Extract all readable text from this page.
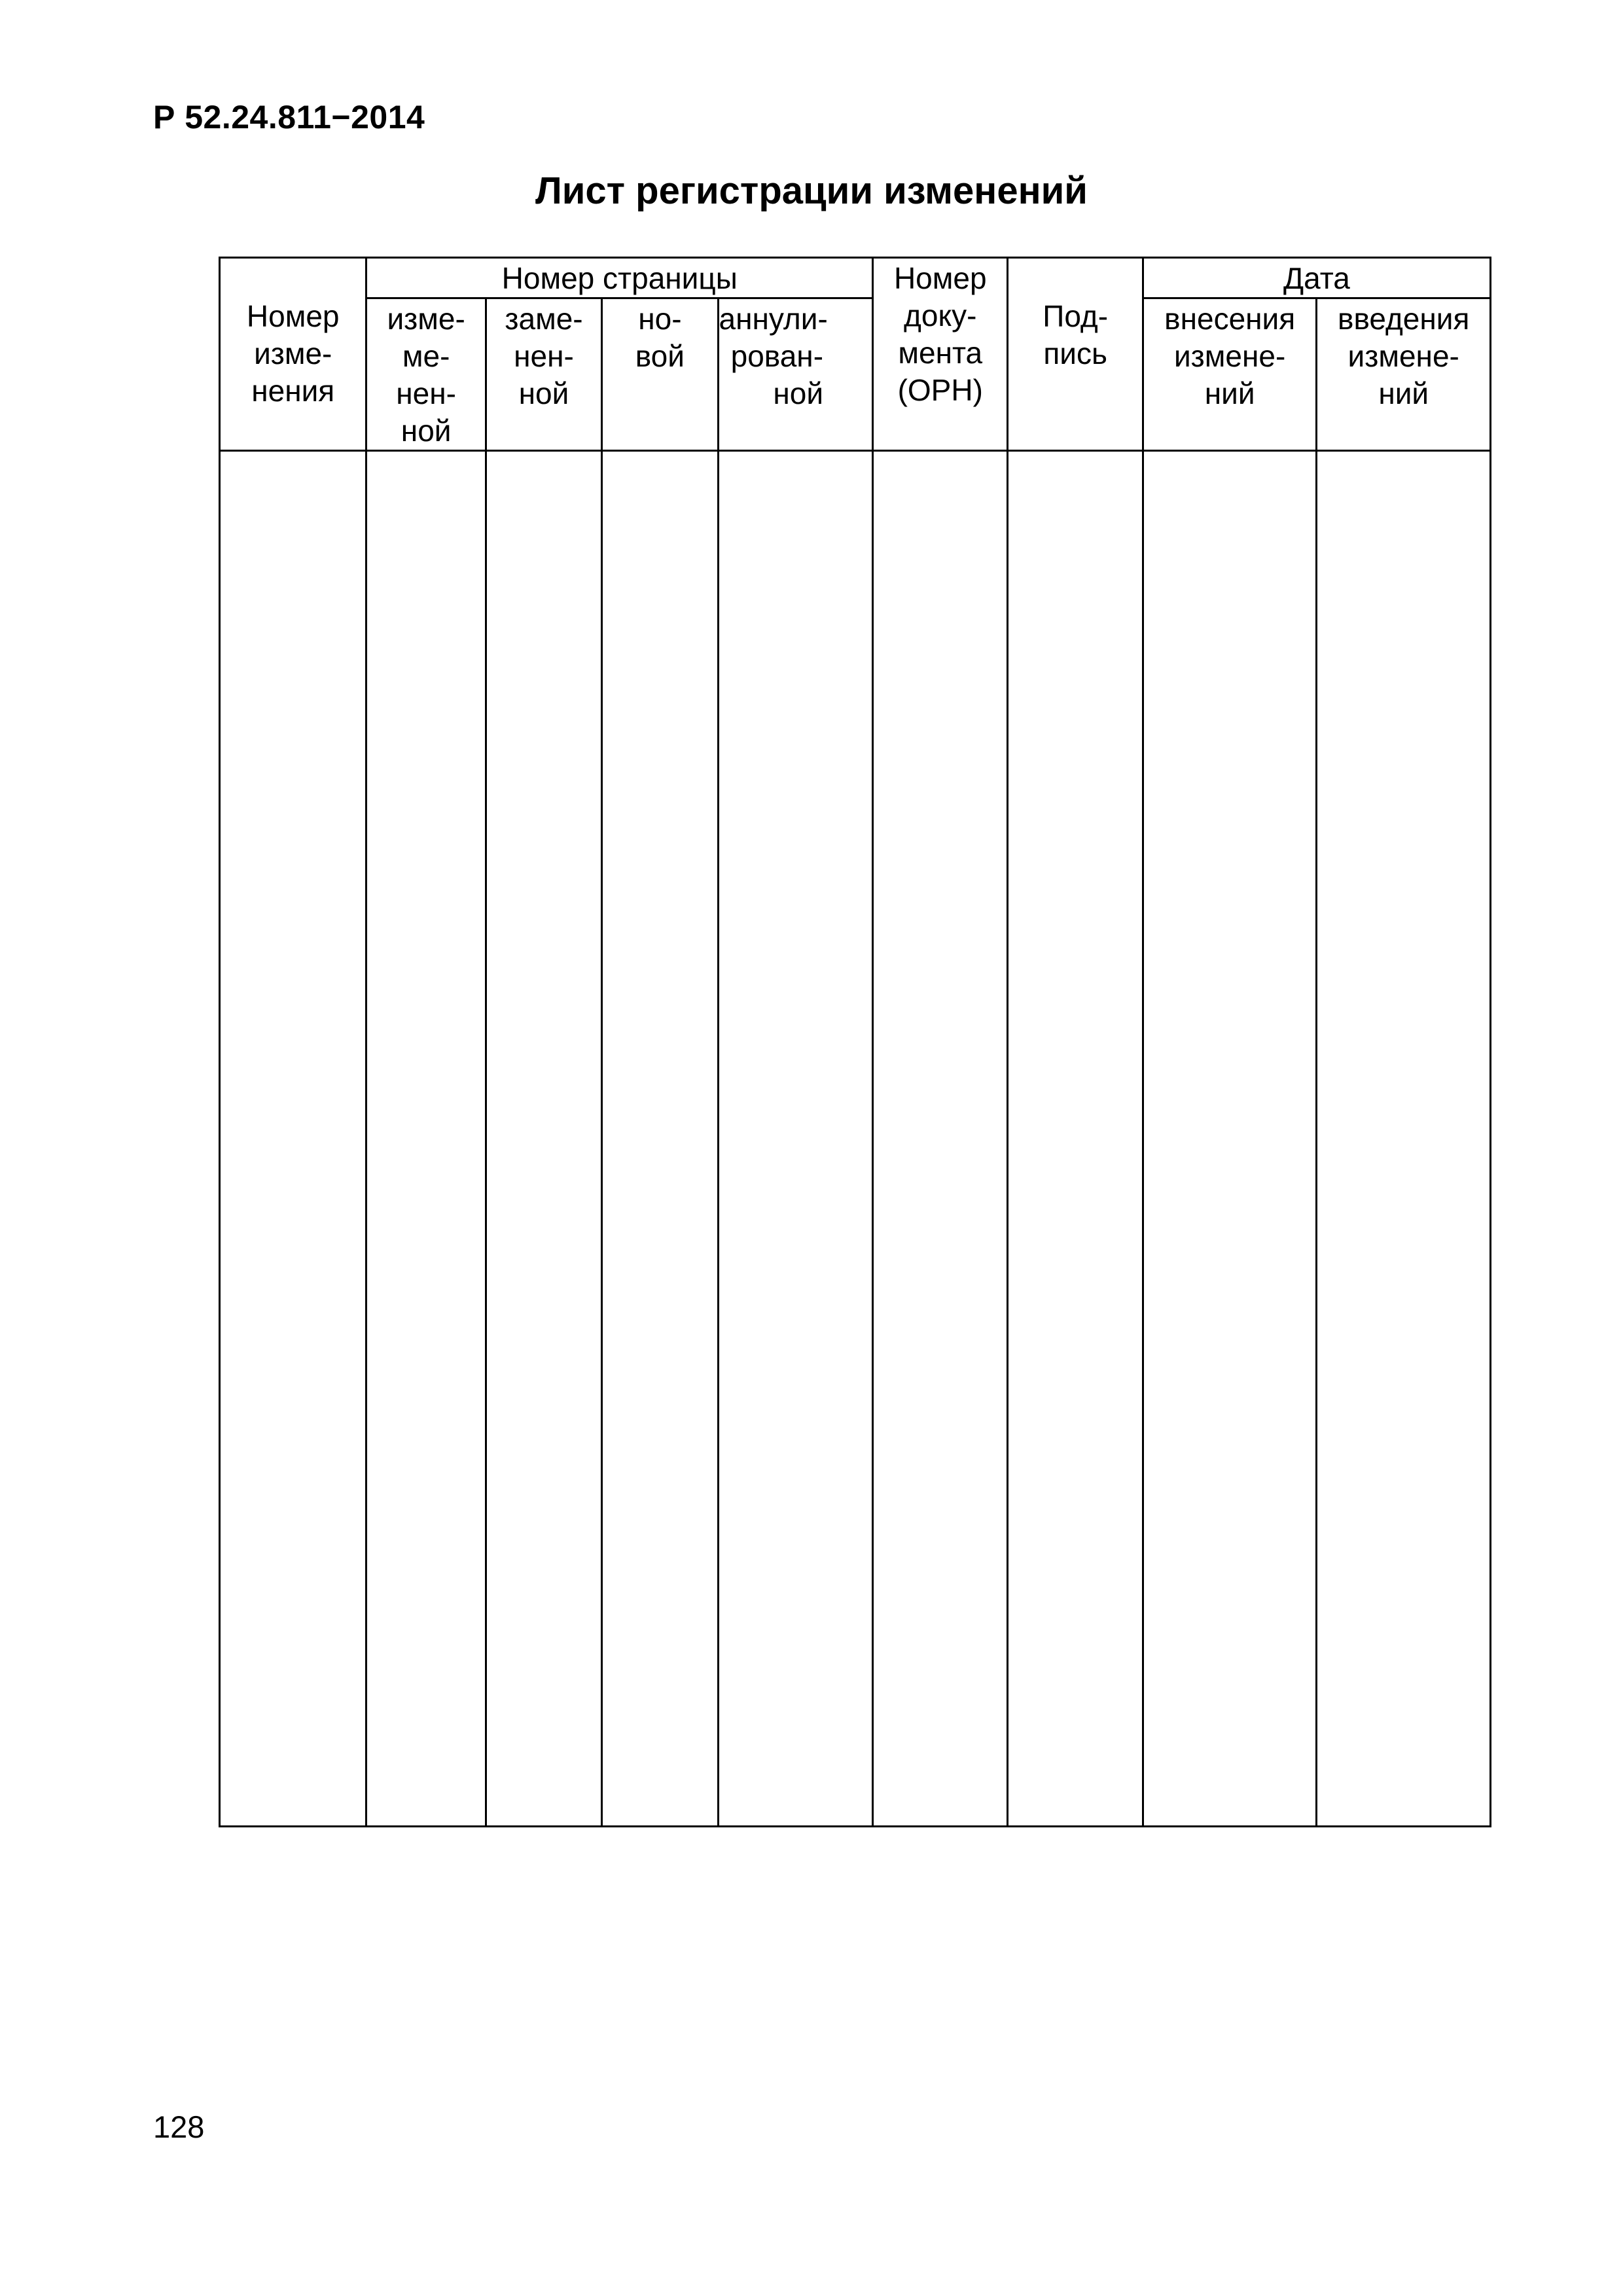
Р 52.24.811−2014
Лист регистрации изменений
Номер
изме-
нения	Номер страницы				Номер
доку-
мента
(ОРН)	Под-
пись	Дата	

	изме-
ме-
нен-
ной	заме-
нен-
ной	но-
вой	аннули-
рован-
ной			внесения
измене-
ний	введения
измене-
ний

128
